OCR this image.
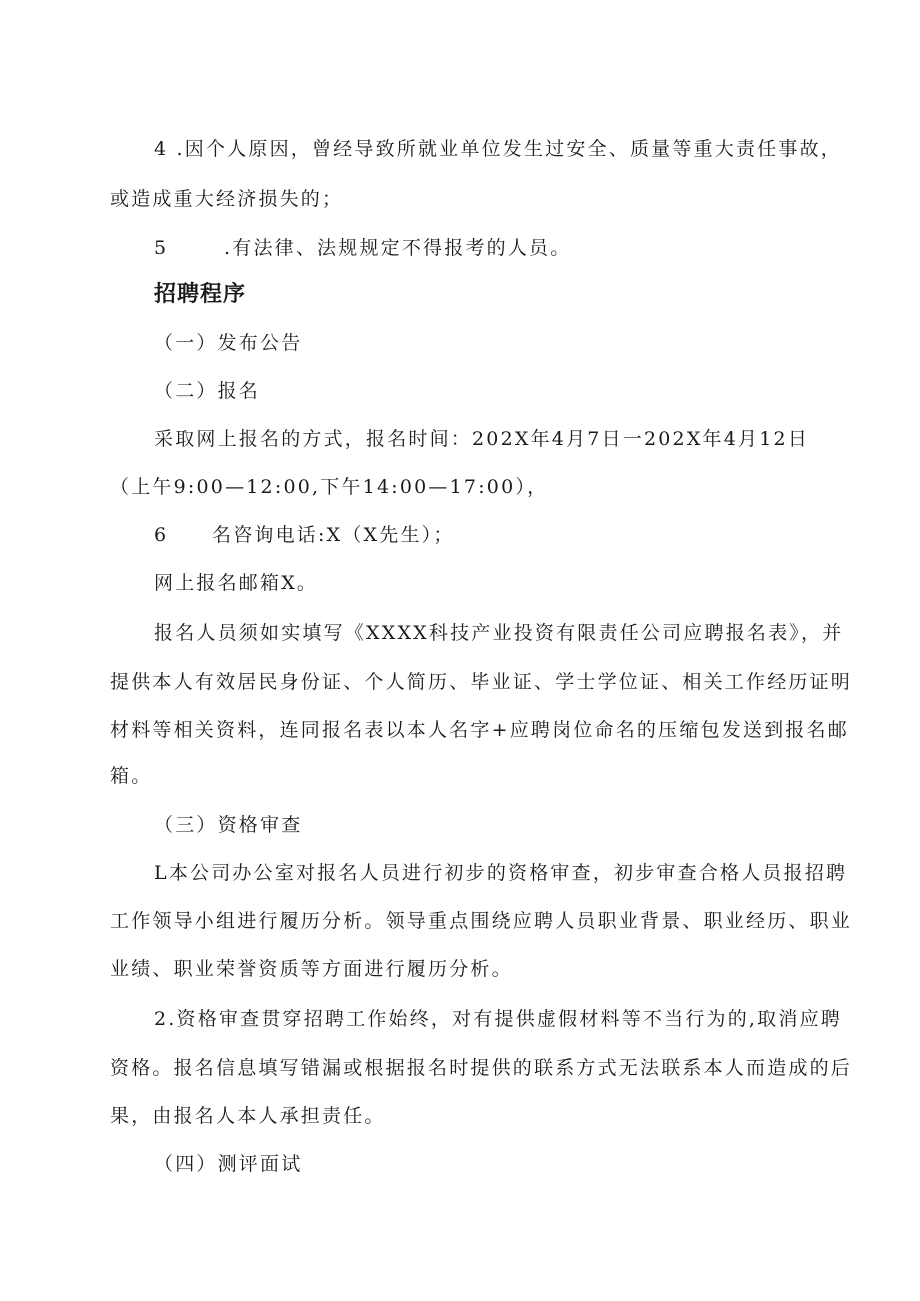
4 .因个人原因，曾经导致所就业单位发生过安全、质量等重大责任事故，
或造成重大经济损失的；
5	.有法律、法规规定不得报考的人员。
招聘程序
（一）发布公告
（二）报名
采取网上报名的方式，报名时间：202X年4月7日一202X年4月12日
（上午9:00—12:00,下午14:00—17:00），
6 名咨询电话:X（X先生）；
网上报名邮箱X。
报名人员须如实填写《XXXX科技产业投资有限责任公司应聘报名表》，并
提供本人有效居民身份证、个人简历、毕业证、学士学位证、相关工作经历证明
材料等相关资料，连同报名表以本人名字+应聘岗位命名的压缩包发送到报名邮
箱。
（三）资格审查
L本公司办公室对报名人员进行初步的资格审查，初步审查合格人员报招聘
工作领导小组进行履历分析。领导重点围绕应聘人员职业背景、职业经历、职业
业绩、职业荣誉资质等方面进行履历分析。
2.资格审查贯穿招聘工作始终，对有提供虚假材料等不当行为的,取消应聘
资格。报名信息填写错漏或根据报名时提供的联系方式无法联系本人而造成的后
果，由报名人本人承担责任。
（四）测评面试
